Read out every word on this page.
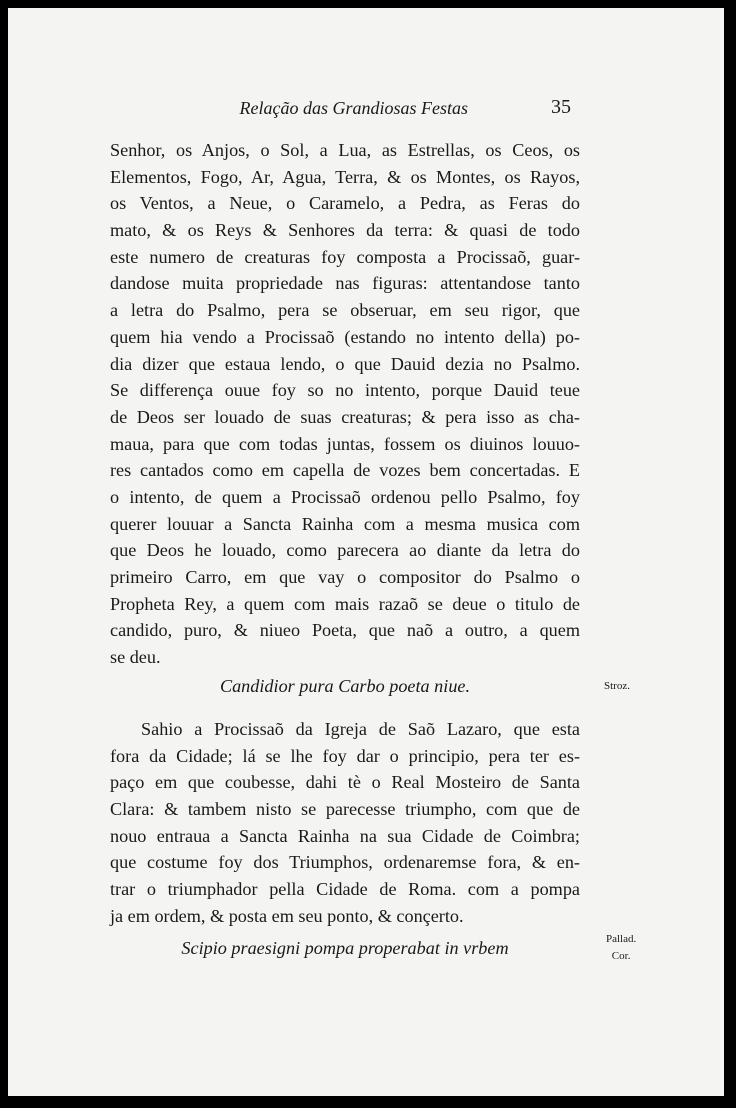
Relação das Grandiosas Festas	35
Senhor, os Anjos, o Sol, a Lua, as Estrellas, os Ceos, os
Elementos, Fogo, Ar, Agua, Terra, & os Montes, os Rayos,
os Ventos, a Neue, o Caramelo, a Pedra, as Feras do
mato, & os Reys & Senhores da terra: & quasi de todo
este numero de creaturas foy composta a Procissaõ, guar-
dandose muita propriedade nas figuras: attentandose tanto
a letra do Psalmo, pera se obseruar, em seu rigor, que
quem hia vendo a Procissaõ (estando no intento della) po-
dia dizer que estaua lendo, o que Dauid dezia no Psalmo.
Se differença ouue foy so no intento, porque Dauid teue
de Deos ser louado de suas creaturas; & pera isso as cha-
maua, para que com todas juntas, fossem os diuinos louuo-
res cantados como em capella de vozes bem concertadas. E
o intento, de quem a Procissaõ ordenou pello Psalmo, foy
querer louuar a Sancta Rainha com a mesma musica com
que Deos he louado, como parecera ao diante da letra do
primeiro Carro, em que vay o compositor do Psalmo o
Propheta Rey, a quem com mais razaõ se deue o titulo de
candido, puro, & niueo Poeta, que naõ a outro, a quem
se deu.
Candidior pura Carbo poeta niue.	Stroz.
Sahio a Procissaõ da Igreja de Saõ Lazaro, que esta
fora da Cidade; lá se lhe foy dar o principio, pera ter es-
paço em que coubesse, dahi tè o Real Mosteiro de Santa
Clara: & tambem nisto se parecesse triumpho, com que de
nouo entraua a Sancta Rainha na sua Cidade de Coimbra;
que costume foy dos Triumphos, ordenaremse fora, & en-
trar o triumphador pella Cidade de Roma. com a pompa
ja em ordem, & posta em seu ponto, & conçerto.
Scipio praesigni pompa properabat in vrbem	Pallad.
Cor.
